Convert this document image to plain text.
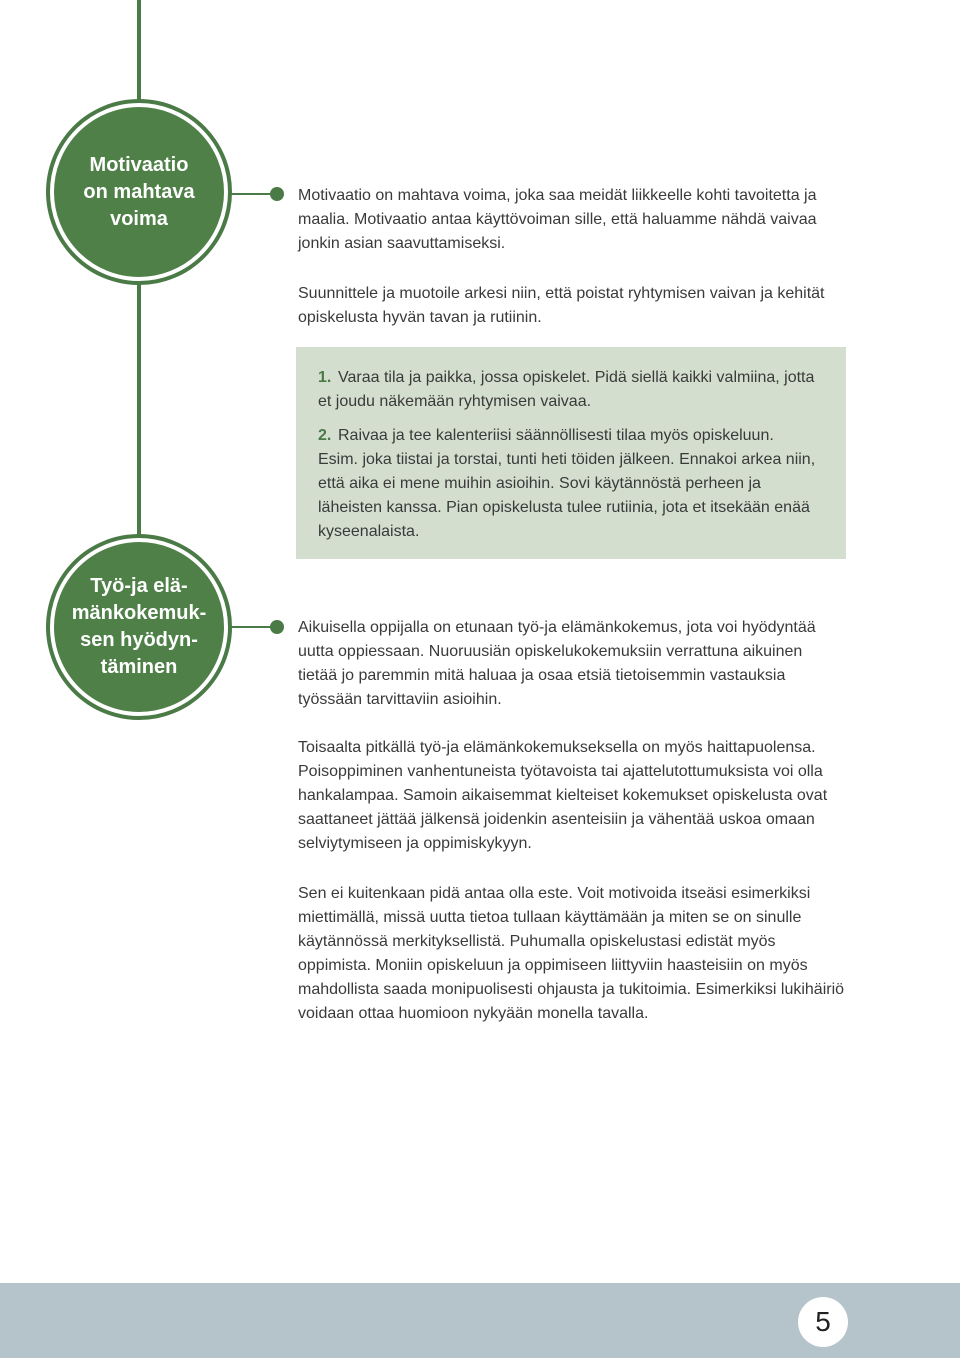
Motivaatio
on mahtava
voima

Motivaatio on mahtava voima, joka saa meidät liikkeelle kohti tavoitetta ja maalia. Motivaatio antaa käyttövoiman sille, että haluamme nähdä vaivaa jonkin asian saavuttamiseksi.

Suunnittele ja muotoile arkesi niin, että poistat ryhtymisen vaivan ja kehität opiskelusta hyvän tavan ja rutiinin.

1. Varaa tila ja paikka, jossa opiskelet. Pidä siellä kaikki valmiina, jotta et joudu näkemään ryhtymisen vaivaa.
2. Raivaa ja tee kalenteriisi säännöllisesti tilaa myös opiskeluun. Esim. joka tiistai ja torstai, tunti heti töiden jälkeen. Ennakoi arkea niin, että aika ei mene muihin asioihin. Sovi käytännöstä perheen ja läheisten kanssa. Pian opiskelusta tulee rutiinia, jota et itsekään enää kyseenalaista.
Työ-ja elä-
mänkokemuk-
sen hyödyn-
täminen

Aikuisella oppijalla on etunaan työ-ja elämänkokemus, jota voi hyödyntää uutta oppiessaan. Nuoruusiän opiskelukokemuksiin verrattuna aikuinen tietää jo paremmin mitä haluaa ja osaa etsiä tietoisemmin vastauksia työssään tarvittaviin asioihin.

Toisaalta pitkällä työ-ja elämänkokemukseksella on myös haittapuolensa. Poisoppiminen vanhentuneista työtavoista tai ajattelutottumuksista voi olla hankalampaa. Samoin aikaisemmat kielteiset kokemukset opiskelusta ovat saattaneet jättää jälkensä joidenkin asenteisiin ja vähentää uskoa omaan selviytymiseen ja oppimiskykyyn.

Sen ei kuitenkaan pidä antaa olla este. Voit motivoida itseäsi esimerkiksi miettimällä, missä uutta tietoa tullaan käyttämään ja miten se on sinulle käytännössä merkityksellistä. Puhumalla opiskelustasi edistät myös oppimista. Moniin opiskeluun ja oppimiseen liittyviin haasteisiin on myös mahdollista saada monipuolisesti ohjausta ja tukitoimia. Esimerkiksi lukihäiriö voidaan ottaa huomioon nykyään monella tavalla.

5
